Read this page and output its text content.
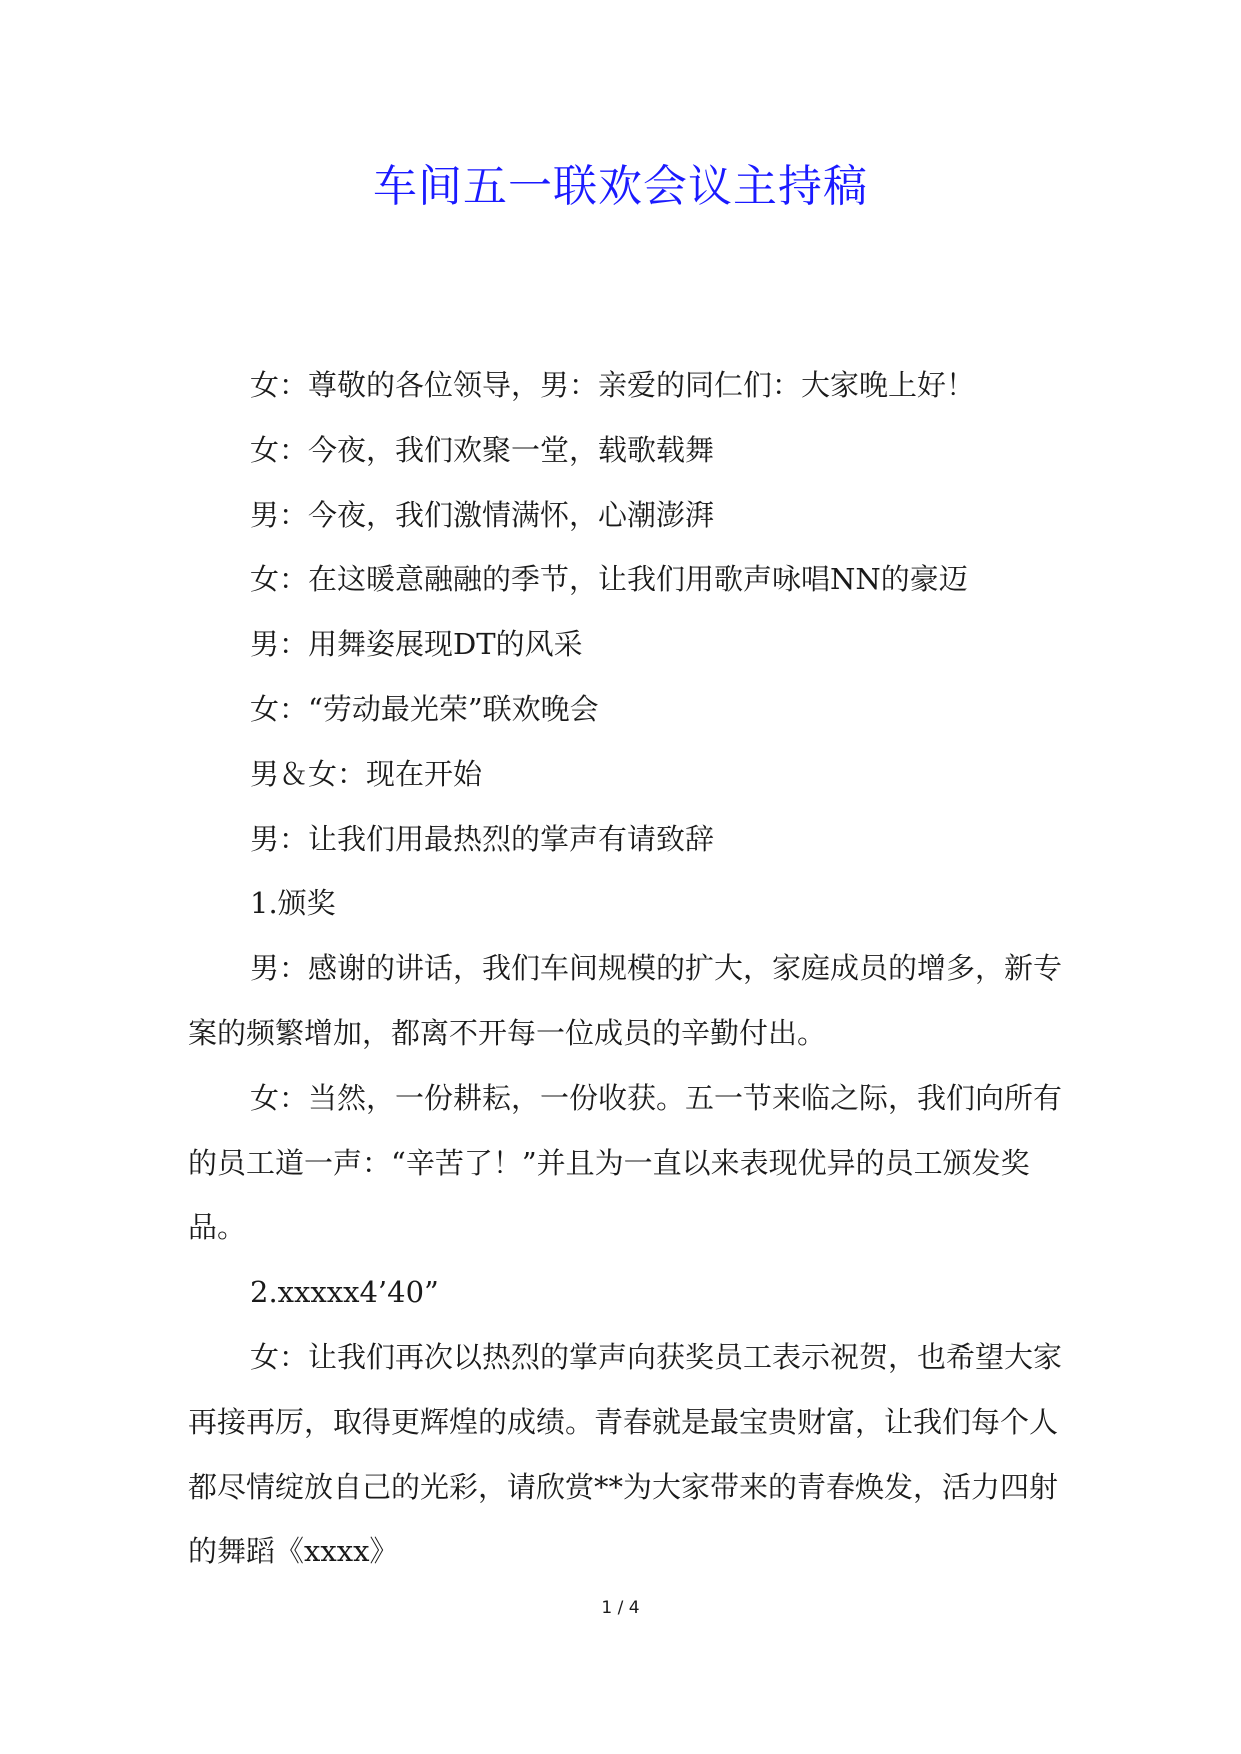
车间五一联欢会议主持稿

女：尊敬的各位领导，男：亲爱的同仁们：大家晚上好！

女：今夜，我们欢聚一堂，载歌载舞

男：今夜，我们激情满怀，心潮澎湃

女：在这暖意融融的季节，让我们用歌声咏唱NN的豪迈

男：用舞姿展现DT的风采

女：“劳动最光荣”联欢晚会

男＆女：现在开始

男：让我们用最热烈的掌声有请致辞

1.颁奖

男：感谢的讲话，我们车间规模的扩大，家庭成员的增多，新专案的频繁增加，都离不开每一位成员的辛勤付出。

女：当然，一份耕耘，一份收获。五一节来临之际，我们向所有的员工道一声：“辛苦了！”并且为一直以来表现优异的员工颁发奖品。

2.xxxxx4’40”

女：让我们再次以热烈的掌声向获奖员工表示祝贺，也希望大家再接再厉，取得更辉煌的成绩。青春就是最宝贵财富，让我们每个人都尽情绽放自己的光彩，请欣赏**为大家带来的青春焕发，活力四射的舞蹈《xxxx》

1 / 4
